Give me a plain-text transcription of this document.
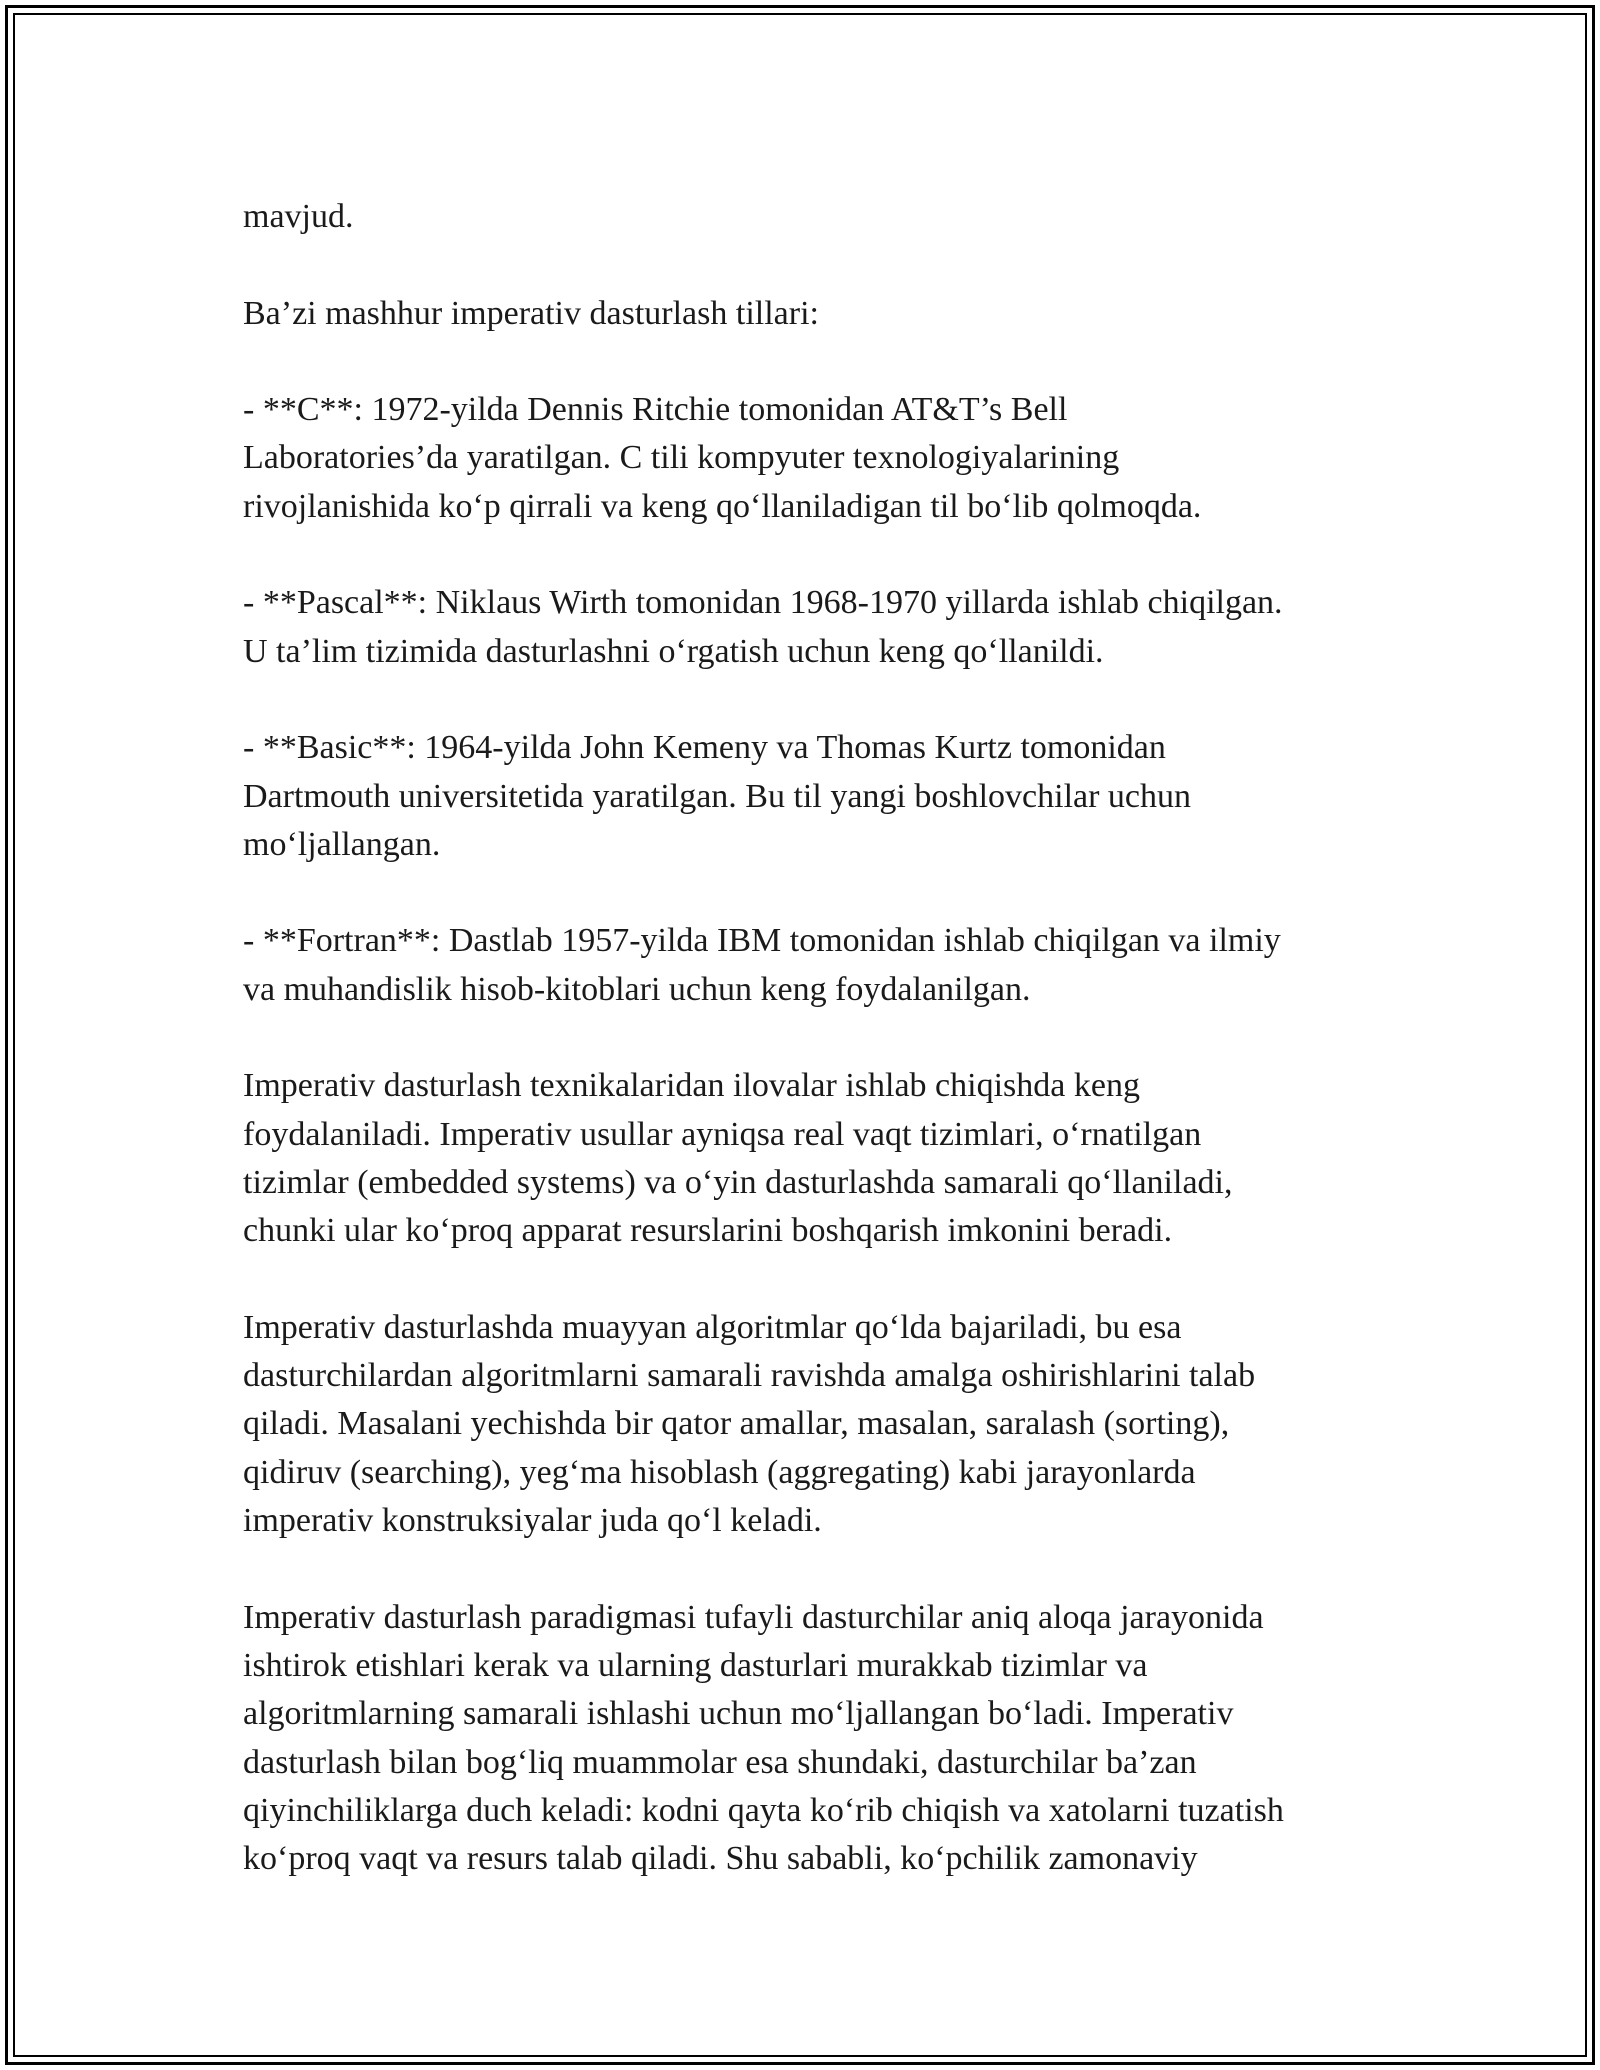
mavjud.
Ba’zi mashhur imperativ dasturlash tillari:
- **C**: 1972-yilda Dennis Ritchie tomonidan AT&T’s Bell
Laboratories’da yaratilgan. C tili kompyuter texnologiyalarining
rivojlanishida ko‘p qirrali va keng qo‘llaniladigan til bo‘lib qolmoqda.
- **Pascal**: Niklaus Wirth tomonidan 1968-1970 yillarda ishlab chiqilgan.
U ta’lim tizimida dasturlashni o‘rgatish uchun keng qo‘llanildi.
- **Basic**: 1964-yilda John Kemeny va Thomas Kurtz tomonidan
Dartmouth universitetida yaratilgan. Bu til yangi boshlovchilar uchun
mo‘ljallangan.
- **Fortran**: Dastlab 1957-yilda IBM tomonidan ishlab chiqilgan va ilmiy
va muhandislik hisob-kitoblari uchun keng foydalanilgan.
Imperativ dasturlash texnikalaridan ilovalar ishlab chiqishda keng
foydalaniladi. Imperativ usullar ayniqsa real vaqt tizimlari, o‘rnatilgan
tizimlar (embedded systems) va o‘yin dasturlashda samarali qo‘llaniladi,
chunki ular ko‘proq apparat resurslarini boshqarish imkonini beradi.
Imperativ dasturlashda muayyan algoritmlar qo‘lda bajariladi, bu esa
dasturchilardan algoritmlarni samarali ravishda amalga oshirishlarini talab
qiladi. Masalani yechishda bir qator amallar, masalan, saralash (sorting),
qidiruv (searching), yeg‘ma hisoblash (aggregating) kabi jarayonlarda
imperativ konstruksiyalar juda qo‘l keladi.
Imperativ dasturlash paradigmasi tufayli dasturchilar aniq aloqa jarayonida
ishtirok etishlari kerak va ularning dasturlari murakkab tizimlar va
algoritmlarning samarali ishlashi uchun mo‘ljallangan bo‘ladi. Imperativ
dasturlash bilan bog‘liq muammolar esa shundaki, dasturchilar ba’zan
qiyinchiliklarga duch keladi: kodni qayta ko‘rib chiqish va xatolarni tuzatish
ko‘proq vaqt va resurs talab qiladi. Shu sababli, ko‘pchilik zamonaviy
